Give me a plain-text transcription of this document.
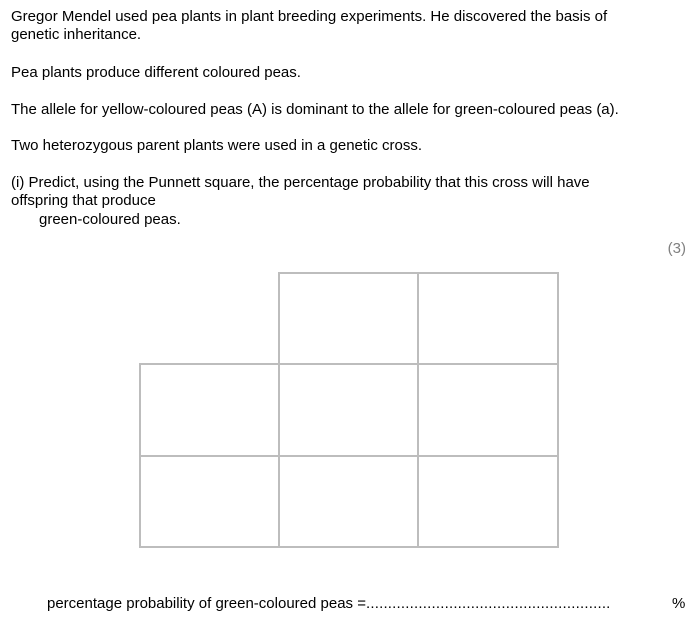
Gregor Mendel used pea plants in plant breeding experiments. He discovered the basis of

genetic inheritance.

Pea plants produce different coloured peas.

The allele for yellow-coloured peas (A) is dominant to the allele for green-coloured peas (a).

Two heterozygous parent plants were used in a genetic cross.

(i) Predict, using the Punnett square, the percentage probability that this cross will have

offspring that produce

green-coloured peas.

(3)
percentage probability of green-coloured peas =........................................................	%
